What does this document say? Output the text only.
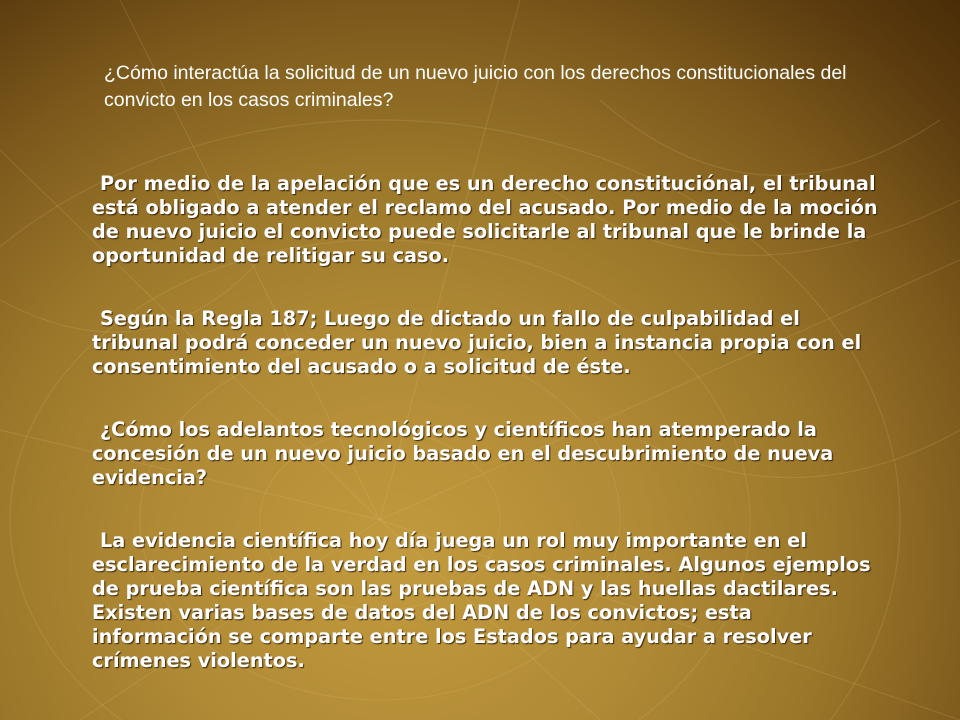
¿Cómo interactúa la solicitud de un nuevo juicio con los derechos constitucionales del convicto en los casos criminales?

Por medio de la apelación que es un derecho constituciónal, el tribunal está obligado a atender el reclamo del acusado. Por medio de la moción de nuevo juicio el convicto puede solicitarle al tribunal que le brinde la oportunidad de relitigar su caso.

Según la Regla 187; Luego de dictado un fallo de culpabilidad el tribunal podrá conceder un nuevo juicio, bien a instancia propia con el consentimiento del acusado o a solicitud de éste.

¿Cómo los adelantos tecnológicos y científicos han atemperado la concesión de un nuevo juicio basado en el descubrimiento de nueva evidencia?

La evidencia científica hoy día juega un rol muy importante en el esclarecimiento de la verdad en los casos criminales. Algunos ejemplos de prueba científica son las pruebas de ADN y las huellas dactilares. Existen varias bases de datos del ADN de los convictos; esta información se comparte entre los Estados para ayudar a resolver crímenes violentos.
